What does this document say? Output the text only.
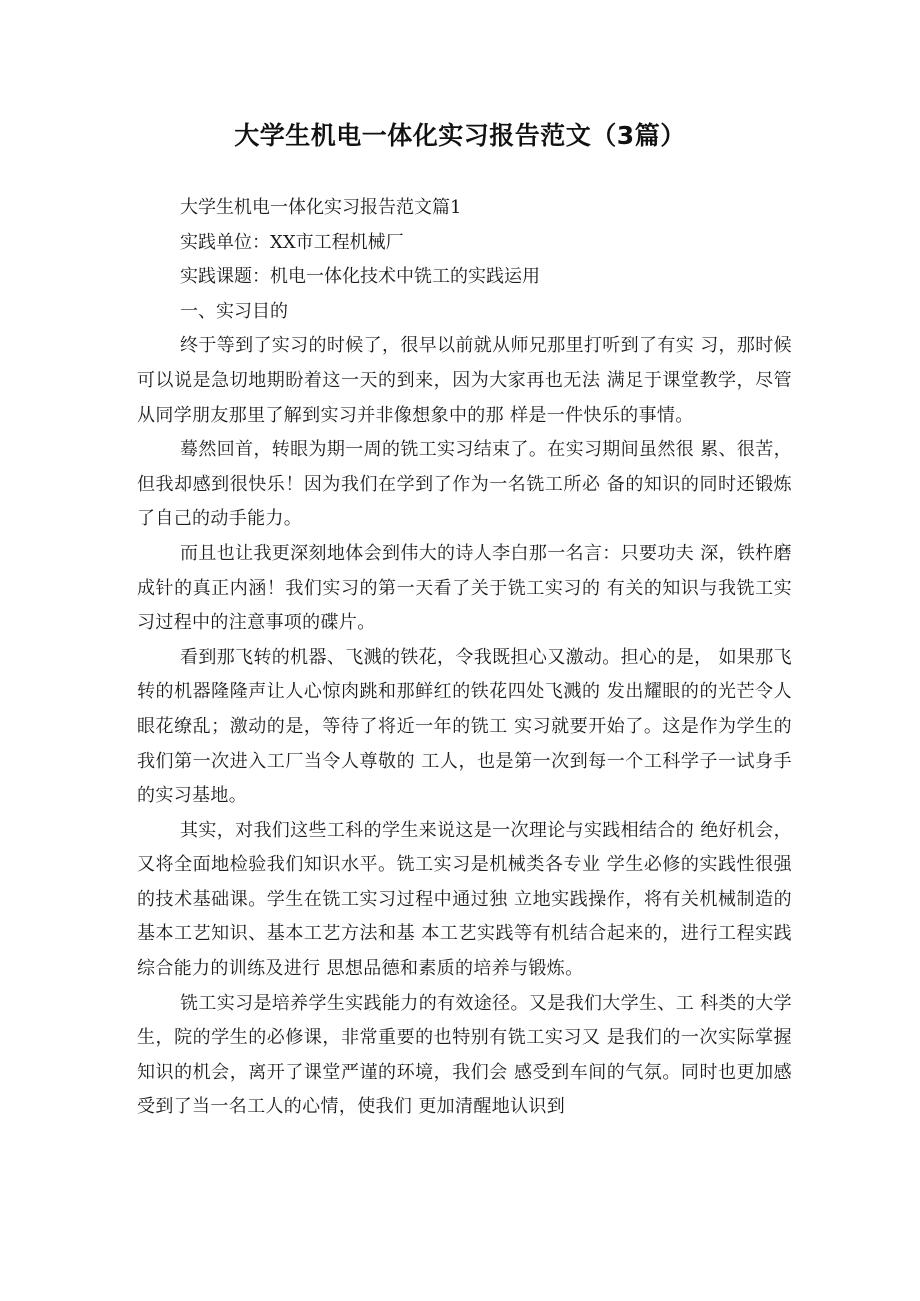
大学生机电一体化实习报告范文（3篇）
大学生机电一体化实习报告范文篇1
实践单位：XX市工程机械厂
实践课题：机电一体化技术中铣工的实践运用
一、实习目的

终于等到了实习的时候了，很早以前就从师兄那里打听到了有实 习，那时候可以说是急切地期盼着这一天的到来，因为大家再也无法 满足于课堂教学，尽管从同学朋友那里了解到实习并非像想象中的那 样是一件快乐的事情。

蓦然回首，转眼为期一周的铣工实习结束了。在实习期间虽然很 累、很苦，但我却感到很快乐！因为我们在学到了作为一名铣工所必 备的知识的同时还锻炼了自己的动手能力。

而且也让我更深刻地体会到伟大的诗人李白那一名言：只要功夫 深，铁杵磨成针的真正内涵！我们实习的第一天看了关于铣工实习的 有关的知识与我铣工实习过程中的注意事项的碟片。

看到那飞转的机器、飞溅的铁花，令我既担心又激动。担心的是， 如果那飞转的机器隆隆声让人心惊肉跳和那鲜红的铁花四处飞溅的 发出耀眼的的光芒令人眼花缭乱；激动的是，等待了将近一年的铣工 实习就要开始了。这是作为学生的我们第一次进入工厂当令人尊敬的 工人，也是第一次到每一个工科学子一试身手的实习基地。

其实，对我们这些工科的学生来说这是一次理论与实践相结合的 绝好机会，又将全面地检验我们知识水平。铣工实习是机械类各专业 学生必修的实践性很强的技术基础课。学生在铣工实习过程中通过独 立地实践操作，将有关机械制造的基本工艺知识、基本工艺方法和基 本工艺实践等有机结合起来的，进行工程实践综合能力的训练及进行 思想品德和素质的培养与锻炼。

铣工实习是培养学生实践能力的有效途径。又是我们大学生、工 科类的大学生，院的学生的必修课，非常重要的也特别有铣工实习又 是我们的一次实际掌握知识的机会，离开了课堂严谨的环境，我们会 感受到车间的气氛。同时也更加感受到了当一名工人的心情，使我们 更加清醒地认识到
